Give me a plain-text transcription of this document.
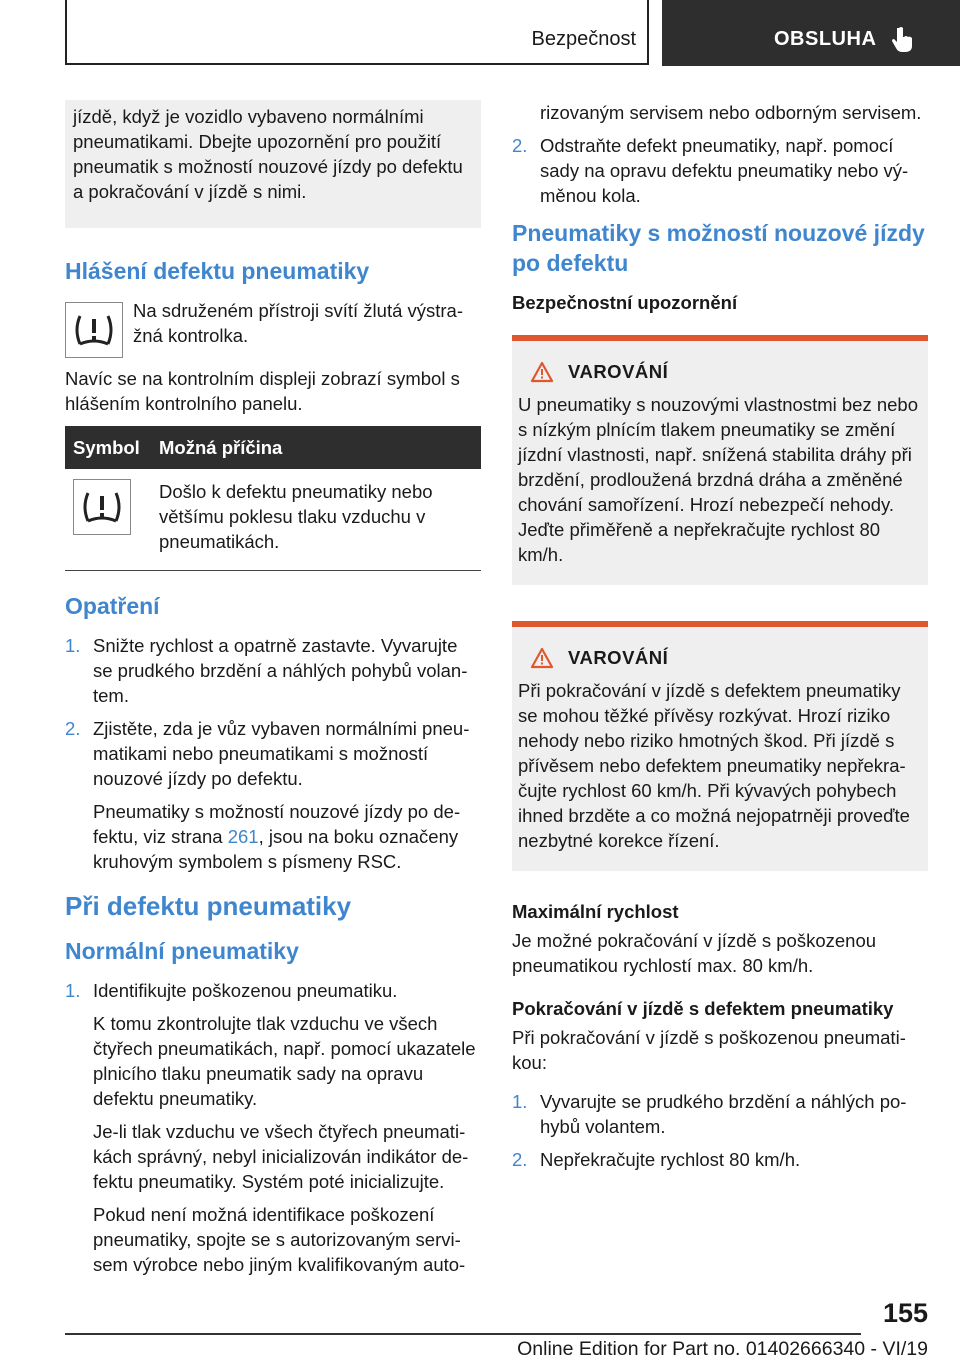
Bezpečnost	OBSLUHA

jízdě, když je vozidlo vybaveno normálními pneumatikami. Dbejte upozornění pro použití pneumatik s možností nouzové jízdy po defektu a pokračování v jízdě s nimi.

Hlášení defektu pneumatiky

Na sdruženém přístroji svítí žlutá výstražná kontrolka.

Navíc se na kontrolním displeji zobrazí symbol s hlášením kontrolního panelu.

Symbol	Možná příčina

	Došlo k defektu pneumatiky nebo většímu poklesu tlaku vzduchu v pneumatikách.
Opatření
1. Snižte rychlost a opatrně zastavte. Vyvarujte se prudkého brzdění a náhlých pohybů volantem.
2. Zjistěte, zda je vůz vybaven normálními pneumatikami nebo pneumatikami s možností nouzové jízdy po defektu.

Pneumatiky s možností nouzové jízdy po defektu, viz strana 261, jsou na boku označeny kruhovým symbolem s písmeny RSC.

Při defektu pneumatiky
Normální pneumatiky
1. Identifikujte poškozenou pneumatiku.

K tomu zkontrolujte tlak vzduchu ve všech čtyřech pneumatikách, např. pomocí ukazatele plnicího tlaku pneumatik sady na opravu defektu pneumatiky.

Je-li tlak vzduchu ve všech čtyřech pneumatikách správný, nebyl inicializován indikátor defektu pneumatiky. Systém poté inicializujte.

Pokud není možná identifikace poškození pneumatiky, spojte se s autorizovaným servisem výrobce nebo jiným kvalifikovaným auto-

rizovaným servisem nebo odborným servisem.

2. Odstraňte defekt pneumatiky, např. pomocí sady na opravu defektu pneumatiky nebo výměnou kola.
Pneumatiky s možností nouzové jízdy po defektu
Bezpečnostní upozornění
VAROVÁNÍ

U pneumatiky s nouzovými vlastnostmi bez nebo s nízkým plnícím tlakem pneumatiky se změní jízdní vlastnosti, např. snížená stabilita dráhy při brzdění, prodloužená brzdná dráha a změněné chování samořízení. Hrozí nebezpečí nehody. Jeďte přiměřeně a nepřekračujte rychlost 80 km/h.

VAROVÁNÍ

Při pokračování v jízdě s defektem pneumatiky se mohou těžké přívěsy rozkývat. Hrozí riziko nehody nebo riziko hmotných škod. Při jízdě s přívěsem nebo defektem pneumatiky nepřekračujte rychlost 60 km/h. Při kývavých pohybech ihned brzděte a co možná nejopatrněji proveďte nezbytné korekce řízení.

Maximální rychlost

Je možné pokračování v jízdě s poškozenou pneumatikou rychlostí max. 80 km/h.

Pokračování v jízdě s defektem pneumatiky

Při pokračování v jízdě s poškozenou pneumatikou:

1. Vyvarujte se prudkého brzdění a náhlých pohybů volantem.
2. Nepřekračujte rychlost 80 km/h.
155
Online Edition for Part no. 01402666340 - VI/19
